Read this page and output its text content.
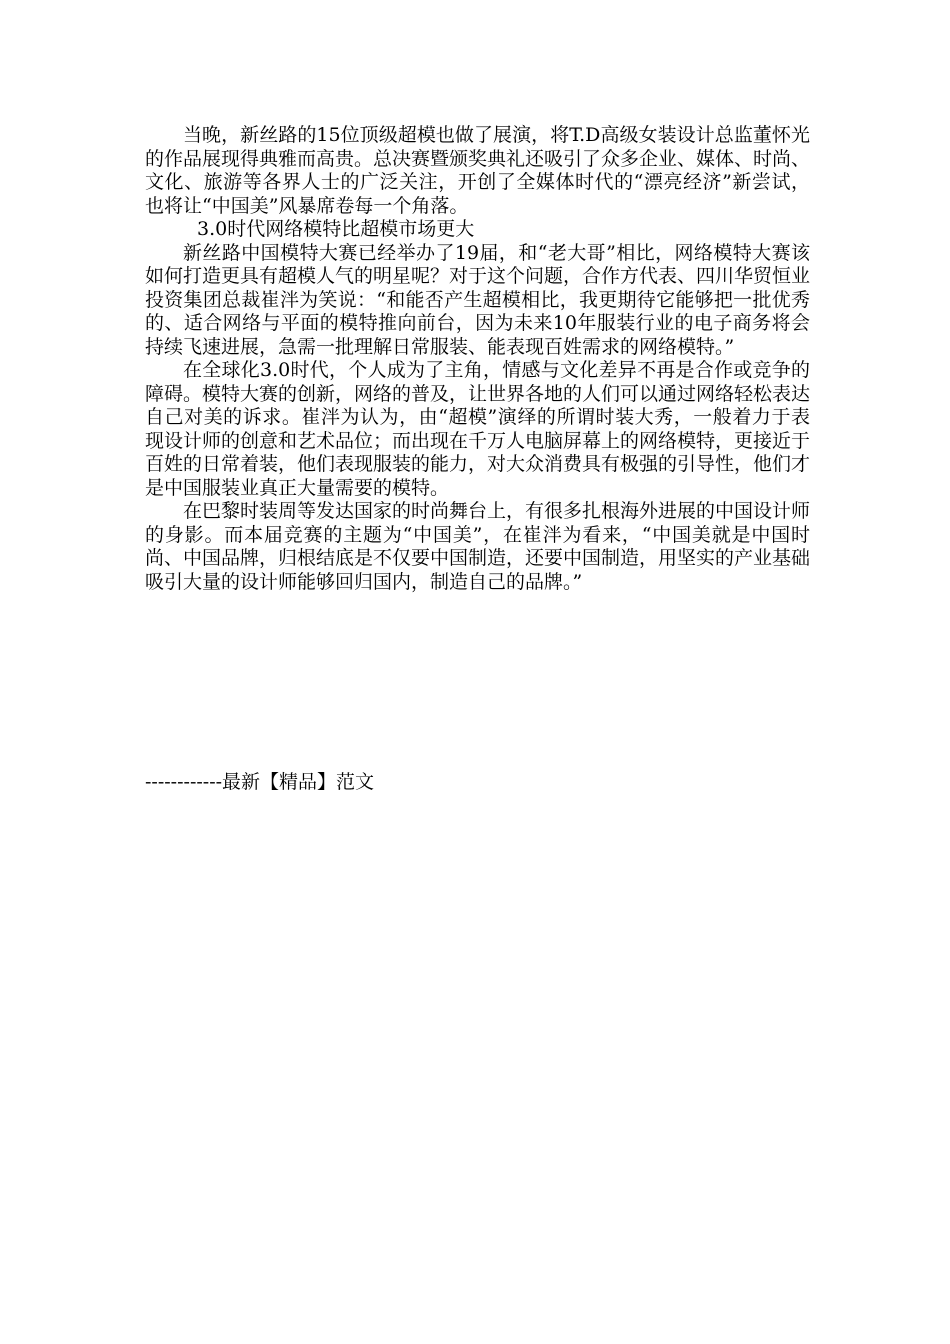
当晚，新丝路的15位顶级超模也做了展演，将T.D高级女装设计总监董怀光的作品展现得典雅而高贵。总决赛暨颁奖典礼还吸引了众多企业、媒体、时尚、文化、旅游等各界人士的广泛关注，开创了全媒体时代的“漂亮经济”新尝试，也将让“中国美”风暴席卷每一个角落。

3.0时代网络模特比超模市场更大

新丝路中国模特大赛已经举办了19届，和“老大哥”相比，网络模特大赛该如何打造更具有超模人气的明星呢？对于这个问题，合作方代表、四川华贸恒业投资集团总裁崔泮为笑说：“和能否产生超模相比，我更期待它能够把一批优秀的、适合网络与平面的模特推向前台，因为未来10年服装行业的电子商务将会持续飞速进展，急需一批理解日常服装、能表现百姓需求的网络模特。”

在全球化3.0时代，个人成为了主角，情感与文化差异不再是合作或竞争的障碍。模特大赛的创新，网络的普及，让世界各地的人们可以通过网络轻松表达自己对美的诉求。崔泮为认为，由“超模”演绎的所谓时装大秀，一般着力于表现设计师的创意和艺术品位；而出现在千万人电脑屏幕上的网络模特，更接近于百姓的日常着装，他们表现服装的能力，对大众消费具有极强的引导性，他们才是中国服装业真正大量需要的模特。

在巴黎时装周等发达国家的时尚舞台上，有很多扎根海外进展的中国设计师的身影。而本届竞赛的主题为“中国美”，在崔泮为看来，“中国美就是中国时尚、中国品牌，归根结底是不仅要中国制造，还要中国制造，用坚实的产业基础吸引大量的设计师能够回归国内，制造自己的品牌。”

------------最新【精品】范文
